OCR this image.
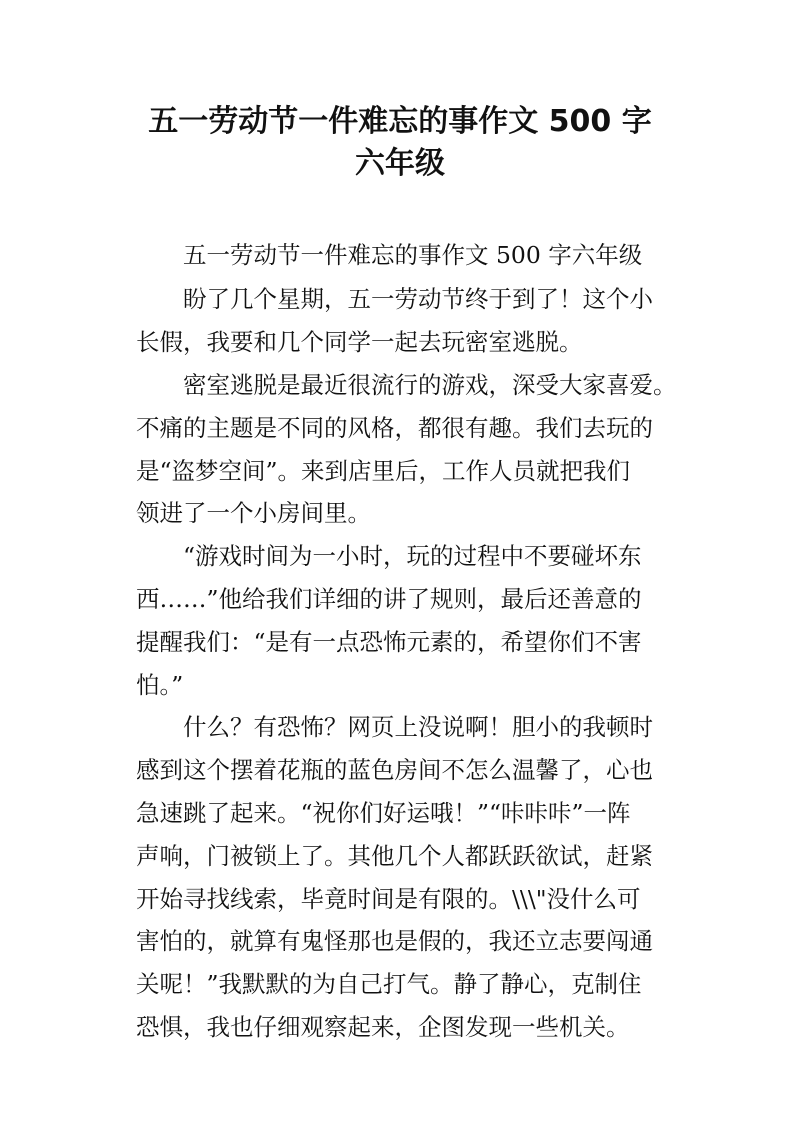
五一劳动节一件难忘的事作文 500 字
六年级

五一劳动节一件难忘的事作文 500 字六年级

盼了几个星期，五一劳动节终于到了！这个小

长假，我要和几个同学一起去玩密室逃脱。

密室逃脱是最近很流行的游戏，深受大家喜爱。

不痛的主题是不同的风格，都很有趣。我们去玩的

是“盗梦空间”。来到店里后，工作人员就把我们

领进了一个小房间里。

“游戏时间为一小时，玩的过程中不要碰坏东

西……”他给我们详细的讲了规则，最后还善意的

提醒我们：“是有一点恐怖元素的，希望你们不害

怕。”

什么？有恐怖？网页上没说啊！胆小的我顿时

感到这个摆着花瓶的蓝色房间不怎么温馨了，心也

急速跳了起来。“祝你们好运哦！”“咔咔咔”一阵

声响，门被锁上了。其他几个人都跃跃欲试，赶紧

开始寻找线索，毕竟时间是有限的。\\\"没什么可

害怕的，就算有鬼怪那也是假的，我还立志要闯通

关呢！”我默默的为自己打气。静了静心，克制住

恐惧，我也仔细观察起来，企图发现一些机关。
